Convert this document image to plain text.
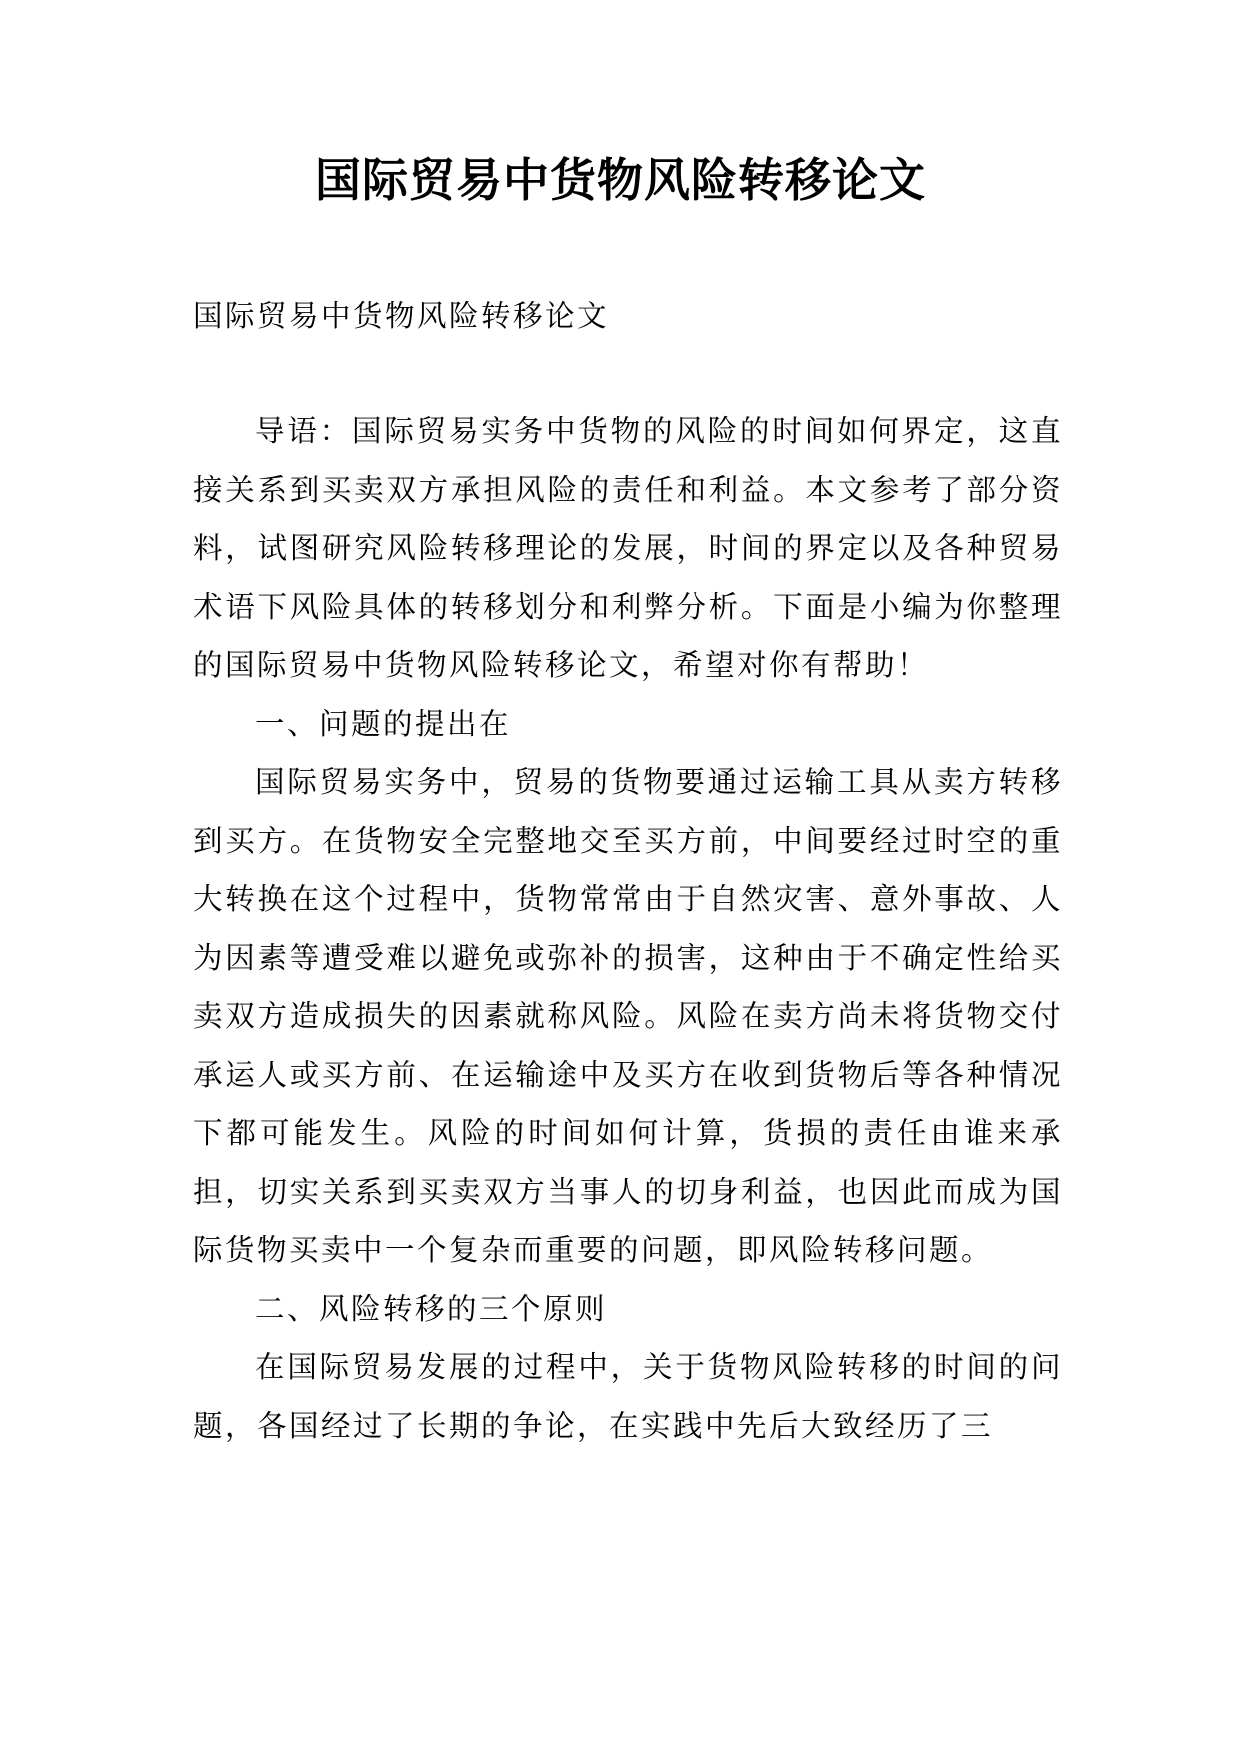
国际贸易中货物风险转移论文
国际贸易中货物风险转移论文

导语：国际贸易实务中货物的风险的时间如何界定，这直接关系到买卖双方承担风险的责任和利益。本文参考了部分资料，试图研究风险转移理论的发展，时间的界定以及各种贸易术语下风险具体的转移划分和利弊分析。下面是小编为你整理的国际贸易中货物风险转移论文，希望对你有帮助！

一、问题的提出在

国际贸易实务中，贸易的货物要通过运输工具从卖方转移到买方。在货物安全完整地交至买方前，中间要经过时空的重大转换在这个过程中，货物常常由于自然灾害、意外事故、人为因素等遭受难以避免或弥补的损害，这种由于不确定性给买卖双方造成损失的因素就称风险。风险在卖方尚未将货物交付承运人或买方前、在运输途中及买方在收到货物后等各种情况下都可能发生。风险的时间如何计算，货损的责任由谁来承担，切实关系到买卖双方当事人的切身利益，也因此而成为国际货物买卖中一个复杂而重要的问题，即风险转移问题。

二、风险转移的三个原则

在国际贸易发展的过程中，关于货物风险转移的时间的问题，各国经过了长期的争论，在实践中先后大致经历了三
